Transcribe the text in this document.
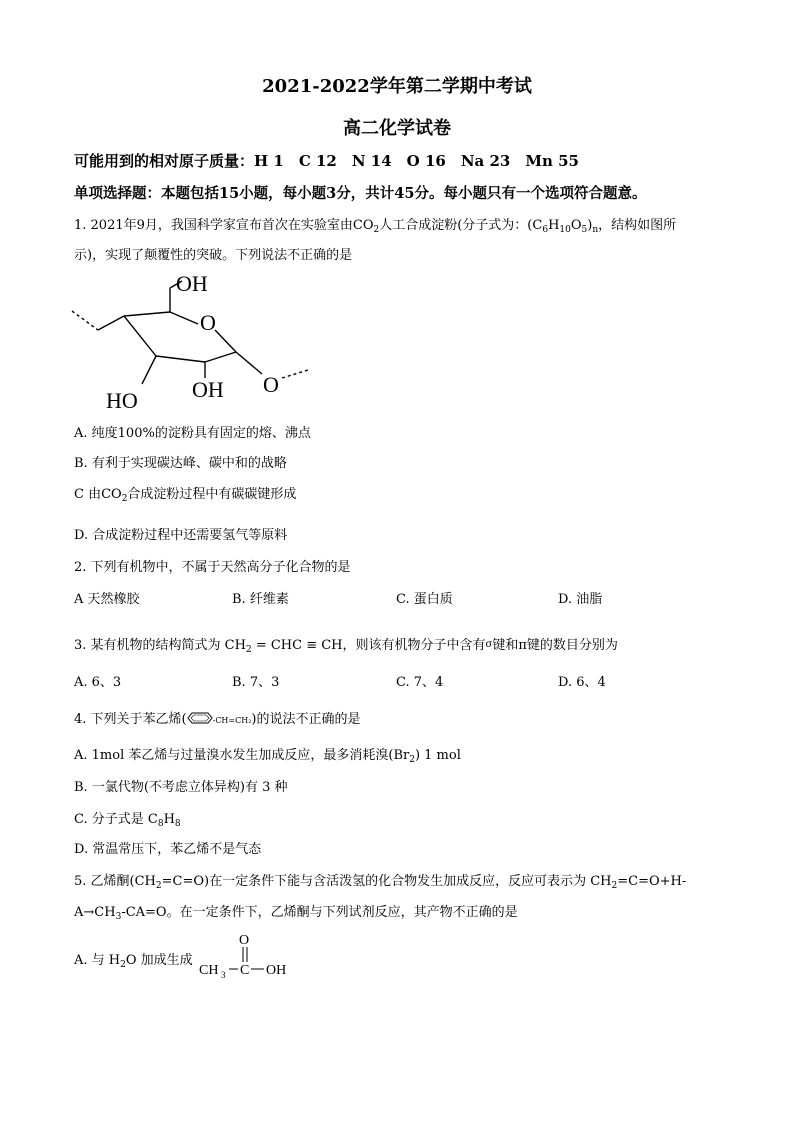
2021-2022学年第二学期中考试
高二化学试卷
可能用到的相对原子质量：H 1　C 12　N 14　O 16　Na 23　Mn 55
单项选择题：本题包括15小题，每小题3分，共计45分。每小题只有一个选项符合题意。
1. 2021年9月，我国科学家宣布首次在实验室由$CO_2$人工合成淀粉(分子式为：$(C_6H_{10}O_5)_n$，结构如图所
示)，实现了颠覆性的突破。下列说法不正确的是
OH
O
HO OH O
A. 纯度100%的淀粉具有固定的熔、沸点
B. 有利于实现碳达峰、碳中和的战略
C 由$CO_2$合成淀粉过程中有碳碳键形成
D. 合成淀粉过程中还需要氢气等原料
2. 下列有机物中，不属于天然高分子化合物的是
A 天然橡胶	B. 纤维素	C. 蛋白质	D. 油脂
3. 某有机物的结构简式为 $CH_2$ = CHC ≡ CH，则该有机物分子中含有σ键和π键的数目分别为
A. 6、3	B. 7、3	C. 7、4	D. 6、4
4. 下列关于苯乙烯(	-CH=CH₂)的说法不正确的是
A. 1mol 苯乙烯与过量溴水发生加成反应，最多消耗溴$(Br_2)$ 1 mol
B. 一氯代物(不考虑立体异构)有 3 种
C. 分子式是 $C_8H_8$
D. 常温常压下，苯乙烯不是气态
5. 乙烯酮$(CH_2=C=O)$在一定条件下能与含活泼氢的化合物发生加成反应，反应可表示为 $CH_2=C=O+H-$
$A\to CH_3-CA=O$。在一定条件下，乙烯酮与下列试剂反应，其产物不正确的是
A. 与 $H_2O$ 加成生成
O
CH 3 C OH
